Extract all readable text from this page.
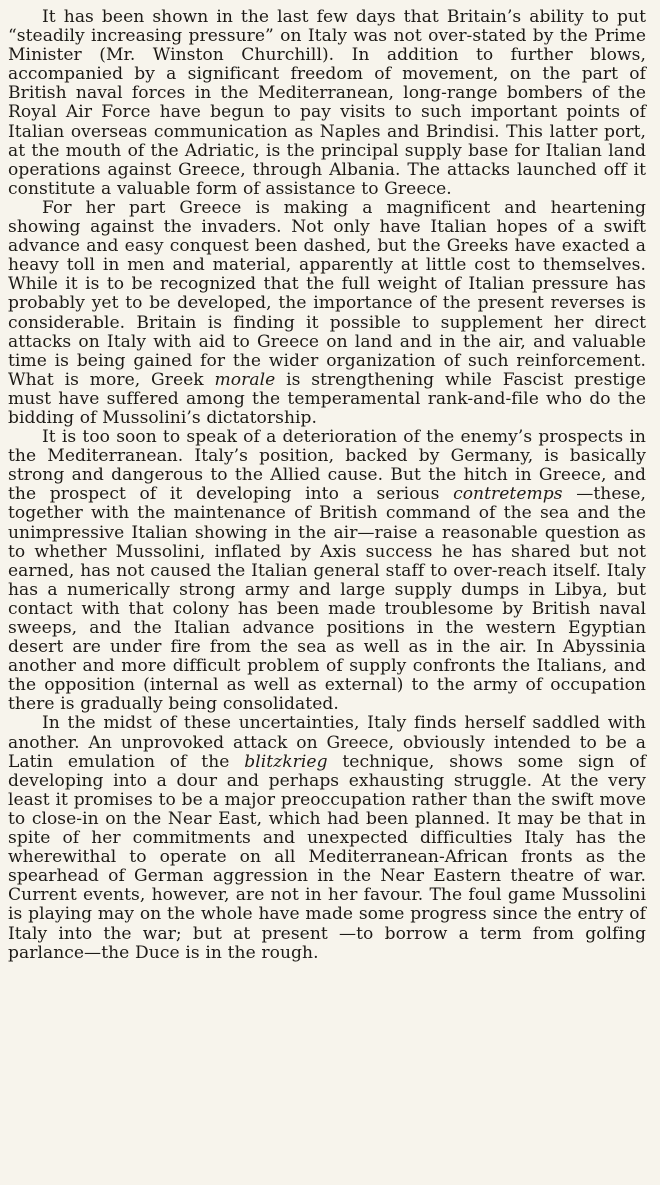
It has been shown in the last few days that Britain’s ability to put “steadily increasing pressure” on Italy was not over-stated by the Prime Minister (Mr. Winston Churchill). In addition to further blows, accompanied by a significant freedom of movement, on the part of British naval forces in the Mediterranean, long-range bombers of the Royal Air Force have begun to pay visits to such important points of Italian overseas communication as Naples and Brindisi. This latter port, at the mouth of the Adriatic, is the principal supply base for Italian land operations against Greece, through Albania. The attacks launched off it constitute a valuable form of assistance to Greece.

For her part Greece is making a magnificent and heartening showing against the invaders. Not only have Italian hopes of a swift advance and easy conquest been dashed, but the Greeks have exacted a heavy toll in men and material, apparently at little cost to themselves. While it is to be recognized that the full weight of Italian pressure has probably yet to be developed, the importance of the present reverses is considerable. Britain is finding it possible to supplement her direct attacks on Italy with aid to Greece on land and in the air, and valuable time is being gained for the wider organization of such reinforcement. What is more, Greek morale is strengthening while Fascist prestige must have suffered among the temperamental rank-and-file who do the bidding of Mussolini’s dictatorship.

It is too soon to speak of a deterioration of the enemy’s prospects in the Mediterranean. Italy’s position, backed by Germany, is basically strong and dangerous to the Allied cause. But the hitch in Greece, and the prospect of it developing into a serious contretemps —these, together with the maintenance of British command of the sea and the unimpressive Italian showing in the air—raise a reasonable question as to whether Mussolini, inflated by Axis success he has shared but not earned, has not caused the Italian general staff to over-reach itself. Italy has a numerically strong army and large supply dumps in Libya, but contact with that colony has been made troublesome by British naval sweeps, and the Italian advance positions in the western Egyptian desert are under fire from the sea as well as in the air. In Abyssinia another and more difficult problem of supply confronts the Italians, and the opposition (internal as well as external) to the army of occupation there is gradually being consolidated.

In the midst of these uncertainties, Italy finds herself saddled with another. An unprovoked attack on Greece, obviously intended to be a Latin emulation of the blitzkrieg technique, shows some sign of developing into a dour and perhaps exhausting struggle. At the very least it promises to be a major preoccupation rather than the swift move to close-in on the Near East, which had been planned. It may be that in spite of her commitments and unexpected difficulties Italy has the wherewithal to operate on all Mediterranean-African fronts as the spearhead of German aggression in the Near Eastern theatre of war. Current events, however, are not in her favour. The foul game Mussolini is playing may on the whole have made some progress since the entry of Italy into the war; but at present —to borrow a term from golfing parlance—the Duce is in the rough.
